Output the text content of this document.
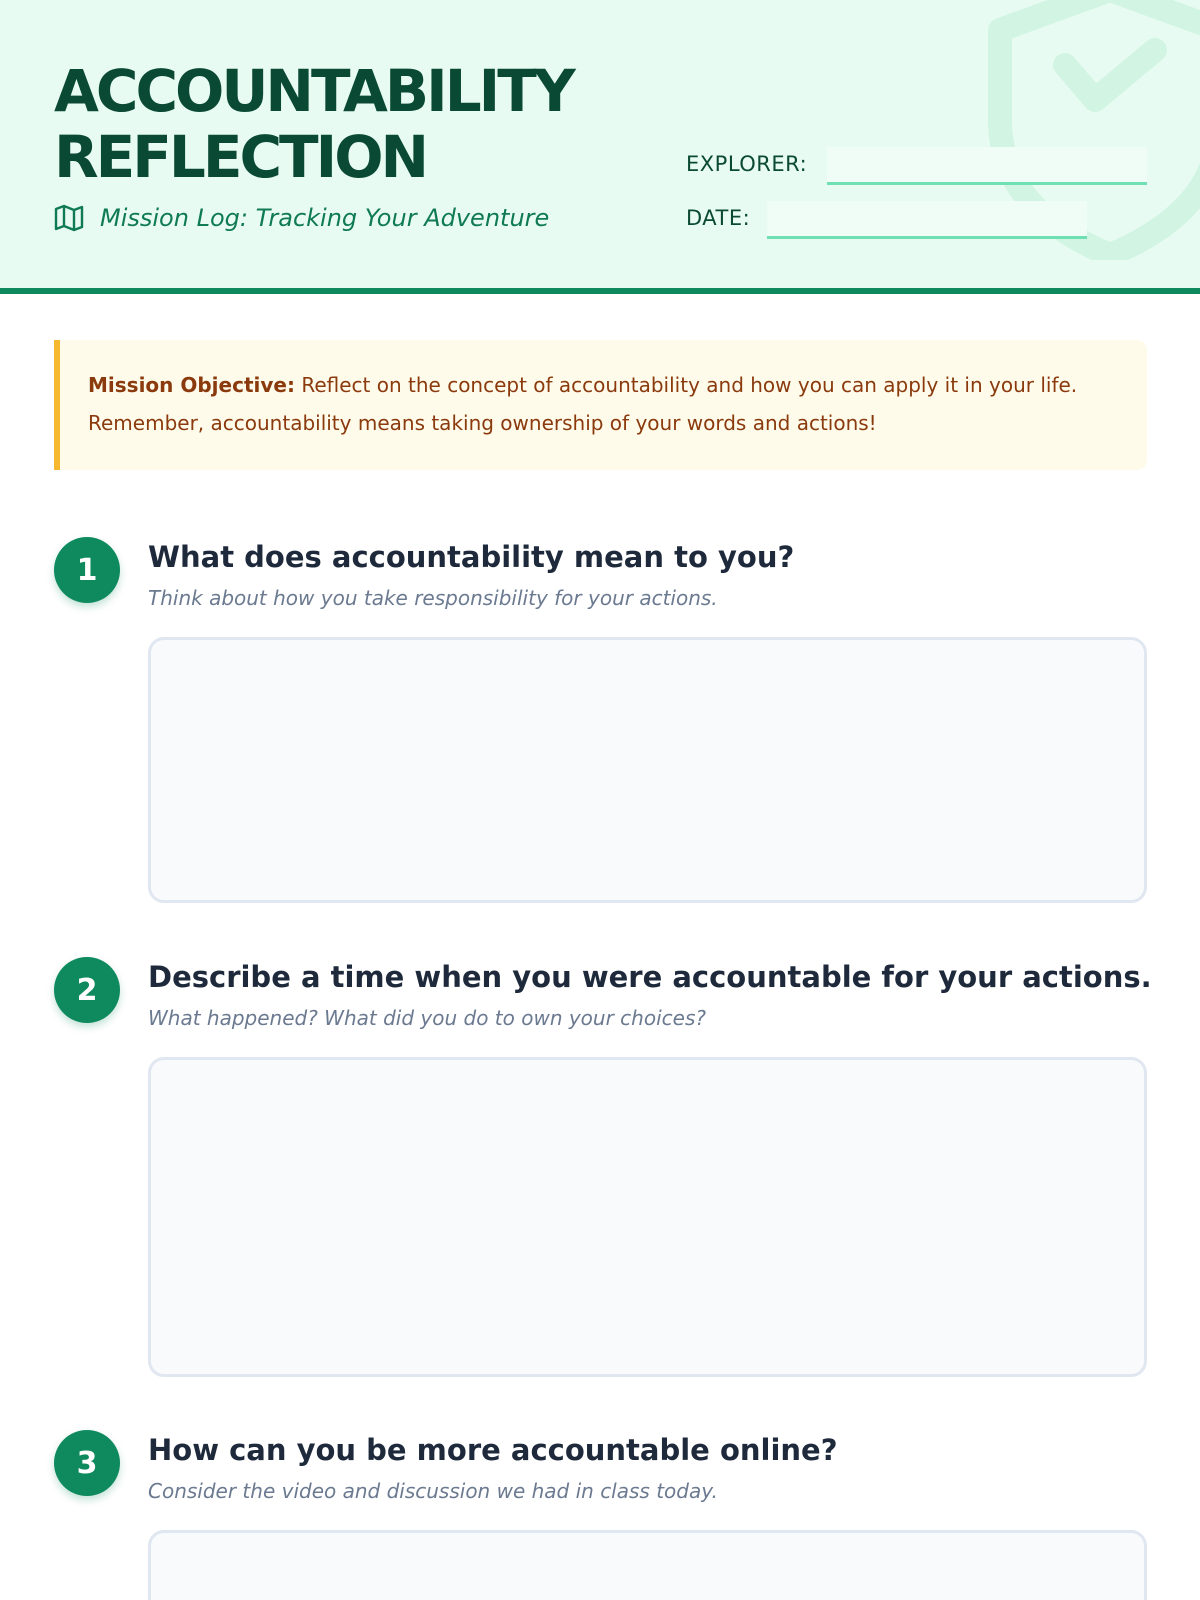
ACCOUNTABILITY
REFLECTION
Mission Log: Tracking Your Adventure
EXPLORER:
DATE:
Mission Objective: Reflect on the concept of accountability and how you can apply it in your life. Remember, accountability means taking ownership of your words and actions!
1	What does accountability mean to you?
Think about how you take responsibility for your actions.
2	Describe a time when you were accountable for your actions.
What happened? What did you do to own your choices?
3	How can you be more accountable online?
Consider the video and discussion we had in class today.
